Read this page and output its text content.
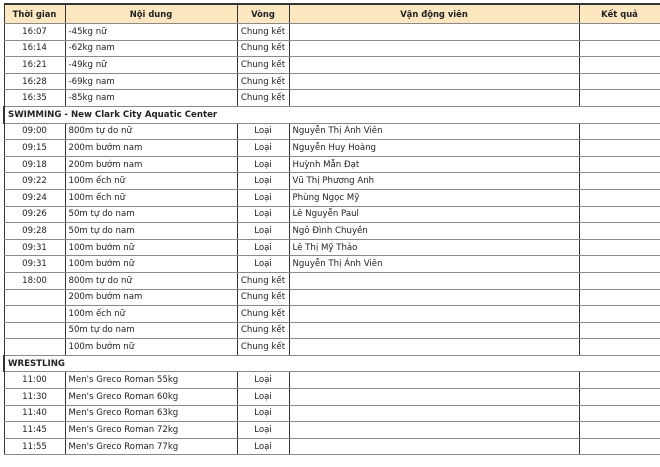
Thời gian	Nội dung	Vòng	Vận động viên	Kết quả
16:07	-45kg nữ	Chung kết		
16:14	-62kg nam	Chung kết		
16:21	-49kg nữ	Chung kết		
16:28	-69kg nam	Chung kết		
16:35	-85kg nam	Chung kết		
SWIMMING - New Clark City Aquatic Center				
09:00	800m tự do nữ	Loại	Nguyễn Thị Ánh Viên	
09:15	200m bướm nam	Loại	Nguyễn Huy Hoàng	
09:18	200m bướm nam	Loại	Huỳnh Mẫn Đạt	
09:22	100m ếch nữ	Loại	Vũ Thị Phương Anh	
09:24	100m ếch nữ	Loại	Phùng Ngọc Mỹ	
09:26	50m tự do nam	Loại	Lê Nguyễn Paul	
09:28	50m tự do nam	Loại	Ngô Đình Chuyền	
09:31	100m bướm nữ	Loại	Lê Thị Mỹ Thảo	
09:31	100m bướm nữ	Loại	Nguyễn Thị Ánh Viên	
18:00	800m tự do nữ	Chung kết		
	200m bướm nam	Chung kết		
	100m ếch nữ	Chung kết		
	50m tự do nam	Chung kết		
	100m bướm nữ	Chung kết		
WRESTLING				
11:00	Men's Greco Roman 55kg	Loại		
11:30	Men's Greco Roman 60kg	Loại		
11:40	Men's Greco Roman 63kg	Loại		
11:45	Men's Greco Roman 72kg	Loại		
11:55	Men's Greco Roman 77kg	Loại		
